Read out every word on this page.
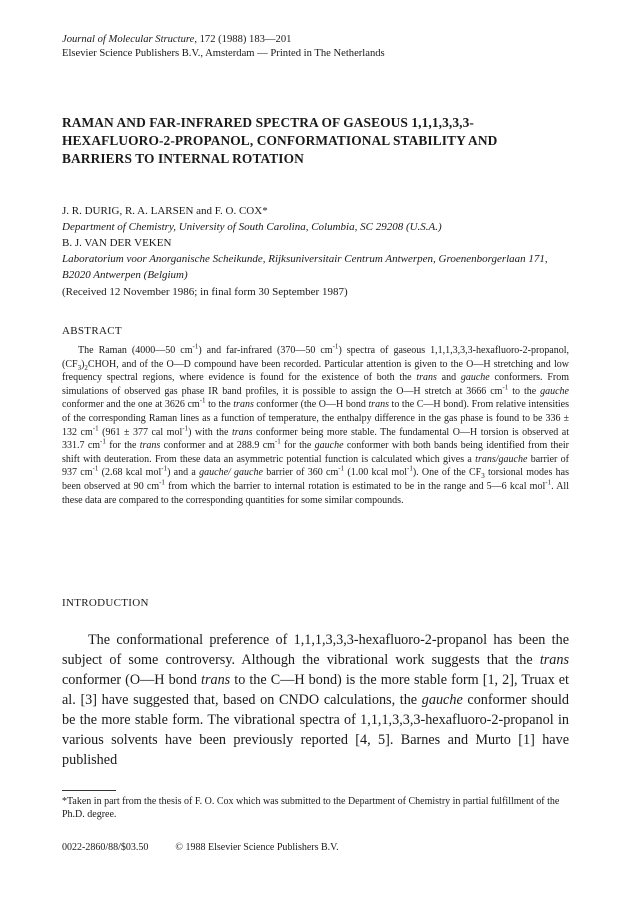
Journal of Molecular Structure, 172 (1988) 183—201
Elsevier Science Publishers B.V., Amsterdam — Printed in The Netherlands
RAMAN AND FAR-INFRARED SPECTRA OF GASEOUS 1,1,1,3,3,3-HEXAFLUORO-2-PROPANOL, CONFORMATIONAL STABILITY AND BARRIERS TO INTERNAL ROTATION
J. R. DURIG, R. A. LARSEN and F. O. COX*
Department of Chemistry, University of South Carolina, Columbia, SC 29208 (U.S.A.)
B. J. VAN DER VEKEN
Laboratorium voor Anorganische Scheikunde, Rijksuniversitair Centrum Antwerpen, Groenenborgerlaan 171, B2020 Antwerpen (Belgium)
(Received 12 November 1986; in final form 30 September 1987)
ABSTRACT

The Raman (4000—50 $cm^{-1}$) and far-infrared (370—50 $cm^{-1}$) spectra of gaseous 1,1,1,3,3,3-hexafluoro-2-propanol, $(CF_3)_2CHOH$, and of the O—D compound have been recorded. Particular attention is given to the O—H stretching and low frequency spectral regions, where evidence is found for the existence of both the trans and gauche conformers. From simulations of observed gas phase IR band profiles, it is possible to assign the O—H stretch at 3666 $cm^{-1}$ to the gauche conformer and the one at 3626 $cm^{-1}$ to the trans conformer (the O—H bond trans to the C—H bond). From relative intensities of the corresponding Raman lines as a function of temperature, the enthalpy difference in the gas phase is found to be 336 ± 132 $cm^{-1}$ (961 ± 377 cal mol$^{-1}$) with the trans conformer being more stable. The fundamental O—H torsion is observed at 331.7 $cm^{-1}$ for the trans conformer and at 288.9 $cm^{-1}$ for the gauche conformer with both bands being identified from their shift with deuteration. From these data an asymmetric potential function is calculated which gives a trans/gauche barrier of 937 $cm^{-1}$ (2.68 kcal mol$^{-1}$) and a gauche/ gauche barrier of 360 $cm^{-1}$ (1.00 kcal mol$^{-1}$). One of the $CF_3$ torsional modes has been observed at 90 $cm^{-1}$ from which the barrier to internal rotation is estimated to be in the range and 5—6 kcal mol$^{-1}$. All these data are compared to the corresponding quantities for some similar compounds.

INTRODUCTION

The conformational preference of 1,1,1,3,3,3-hexafluoro-2-propanol has been the subject of some controversy. Although the vibrational work suggests that the trans conformer (O—H bond trans to the C—H bond) is the more stable form [1, 2], Truax et al. [3] have suggested that, based on CNDO calculations, the gauche conformer should be the more stable form. The vibrational spectra of 1,1,1,3,3,3-hexafluoro-2-propanol in various solvents have been previously reported [4, 5]. Barnes and Murto [1] have published

*Taken in part from the thesis of F. O. Cox which was submitted to the Department of Chemistry in partial fulfillment of the Ph.D. degree.

0022-2860/88/$03.50	© 1988 Elsevier Science Publishers B.V.
